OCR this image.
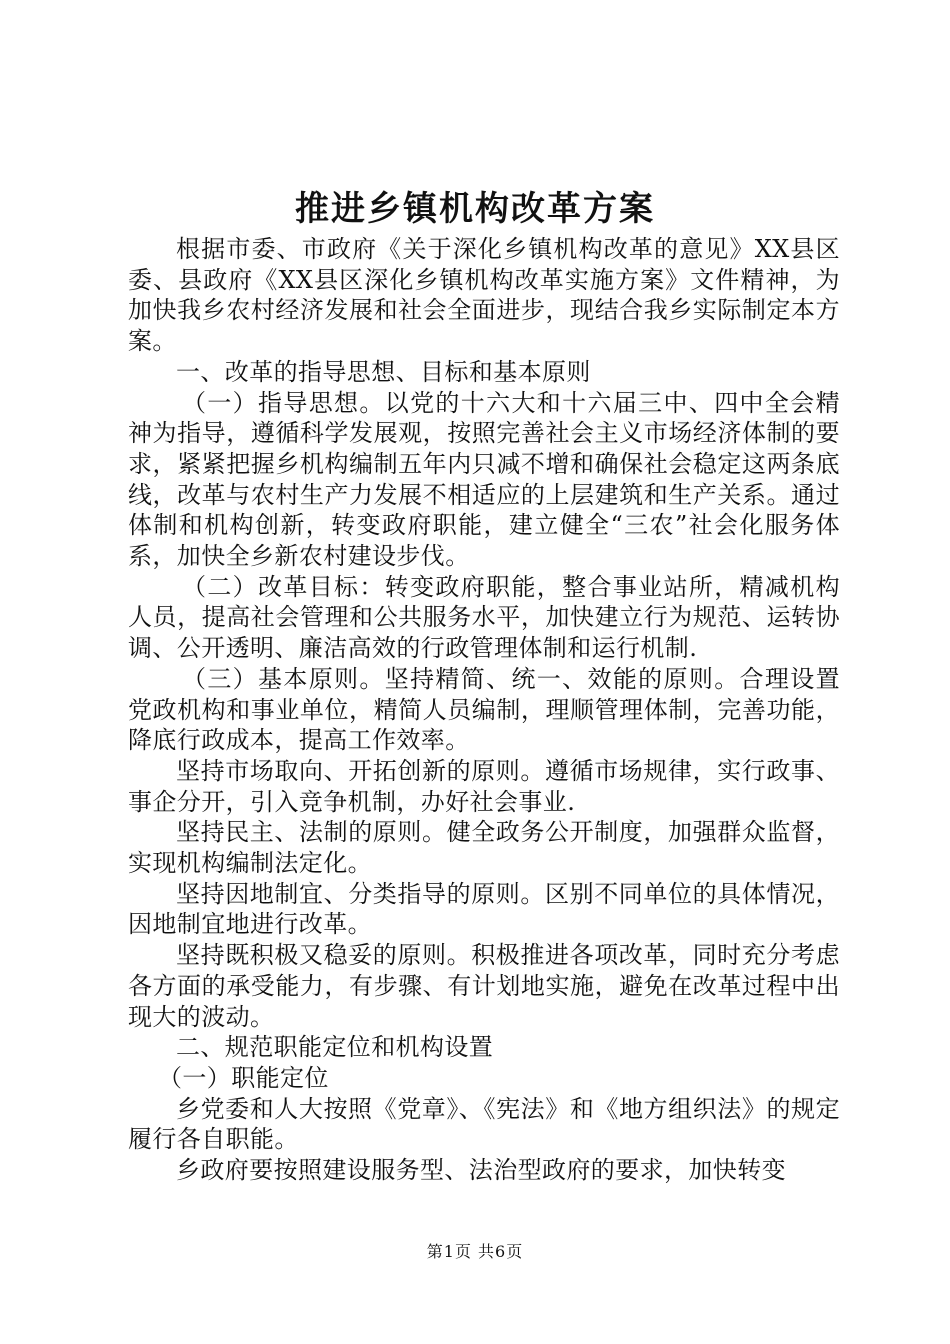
推进乡镇机构改革方案

根据市委、市政府《关于深化乡镇机构改革的意见》XX县区委、县政府《XX县区深化乡镇机构改革实施方案》文件精神，为加快我乡农村经济发展和社会全面进步，现结合我乡实际制定本方案。

一、改革的指导思想、目标和基本原则

（一）指导思想。以党的十六大和十六届三中、四中全会精神为指导，遵循科学发展观，按照完善社会主义市场经济体制的要求，紧紧把握乡机构编制五年内只减不增和确保社会稳定这两条底线，改革与农村生产力发展不相适应的上层建筑和生产关系。通过体制和机构创新，转变政府职能，建立健全“三农”社会化服务体系，加快全乡新农村建设步伐。

（二）改革目标：转变政府职能，整合事业站所，精减机构人员，提高社会管理和公共服务水平，加快建立行为规范、运转协调、公开透明、廉洁高效的行政管理体制和运行机制.

（三）基本原则。坚持精简、统一、效能的原则。合理设置党政机构和事业单位，精简人员编制，理顺管理体制，完善功能，降底行政成本，提高工作效率。

坚持市场取向、开拓创新的原则。遵循市场规律，实行政事、事企分开，引入竞争机制，办好社会事业.

坚持民主、法制的原则。健全政务公开制度，加强群众监督，实现机构编制法定化。

坚持因地制宜、分类指导的原则。区别不同单位的具体情况，因地制宜地进行改革。

坚持既积极又稳妥的原则。积极推进各项改革，同时充分考虑各方面的承受能力，有步骤、有计划地实施，避免在改革过程中出现大的波动。

二、规范职能定位和机构设置

（一）职能定位

乡党委和人大按照《党章》、《宪法》和《地方组织法》的规定履行各自职能。

乡政府要按照建设服务型、法治型政府的要求，加快转变

第1页 共6页
